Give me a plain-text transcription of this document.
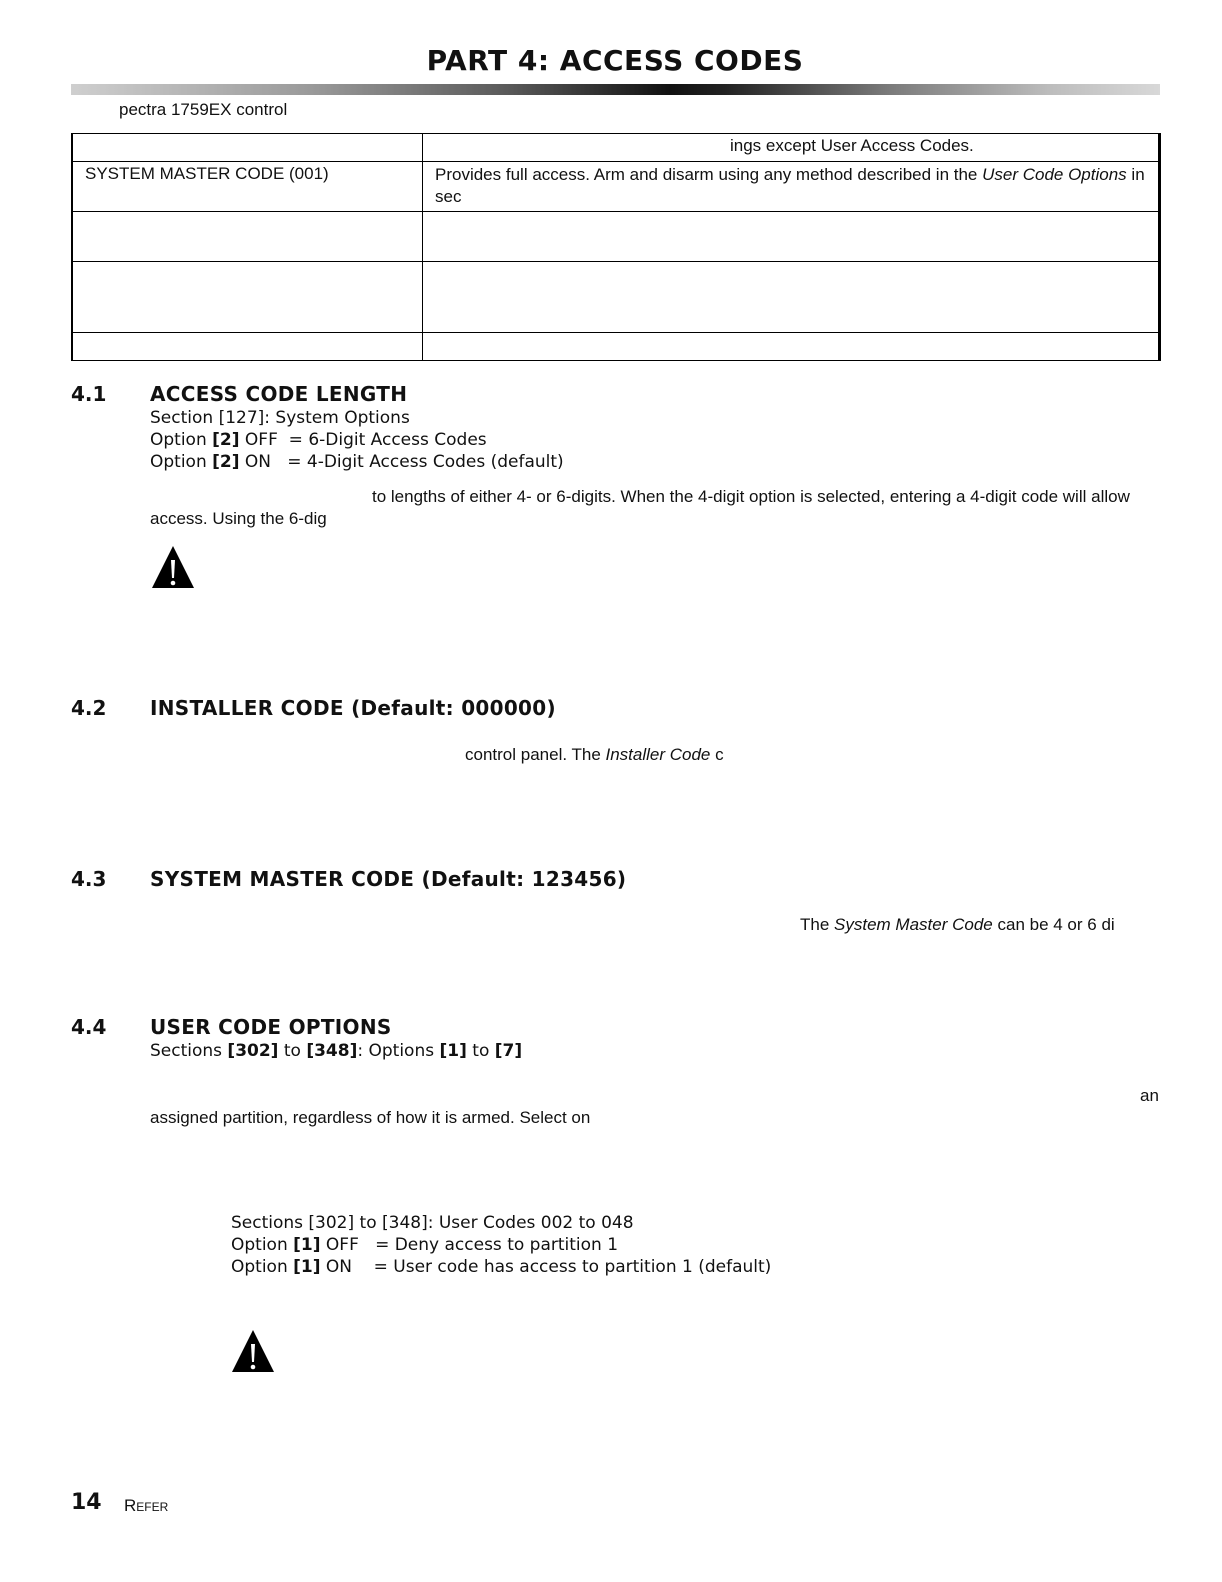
PART 4: ACCESS CODES
pectra 1759EX control
	ings except User Access Codes.
SYSTEM MASTER CODE (001)	Provides full access. Arm and disarm using any method described in the User Code Options in sec

4.1 ACCESS CODE LENGTH
Section [127]: System Options
Option [2] OFF  = 6-Digit Access Codes
Option [2] ON   = 4-Digit Access Codes (default)
to lengths of either 4- or 6-digits. When the 4-digit option is selected, entering a 4-digit code will allow
access. Using the 6-dig
4.2 INSTALLER CODE (Default: 000000)
control panel. The Installer Code c
4.3 SYSTEM MASTER CODE (Default: 123456)
The System Master Code can be 4 or 6 di
4.4 USER CODE OPTIONS
Sections [302] to [348]: Options [1] to [7]
an
assigned partition, regardless of how it is armed. Select on
Sections [302] to [348]: User Codes 002 to 048
Option [1] OFF   = Deny access to partition 1
Option [1] ON    = User code has access to partition 1 (default)
14 Refer
